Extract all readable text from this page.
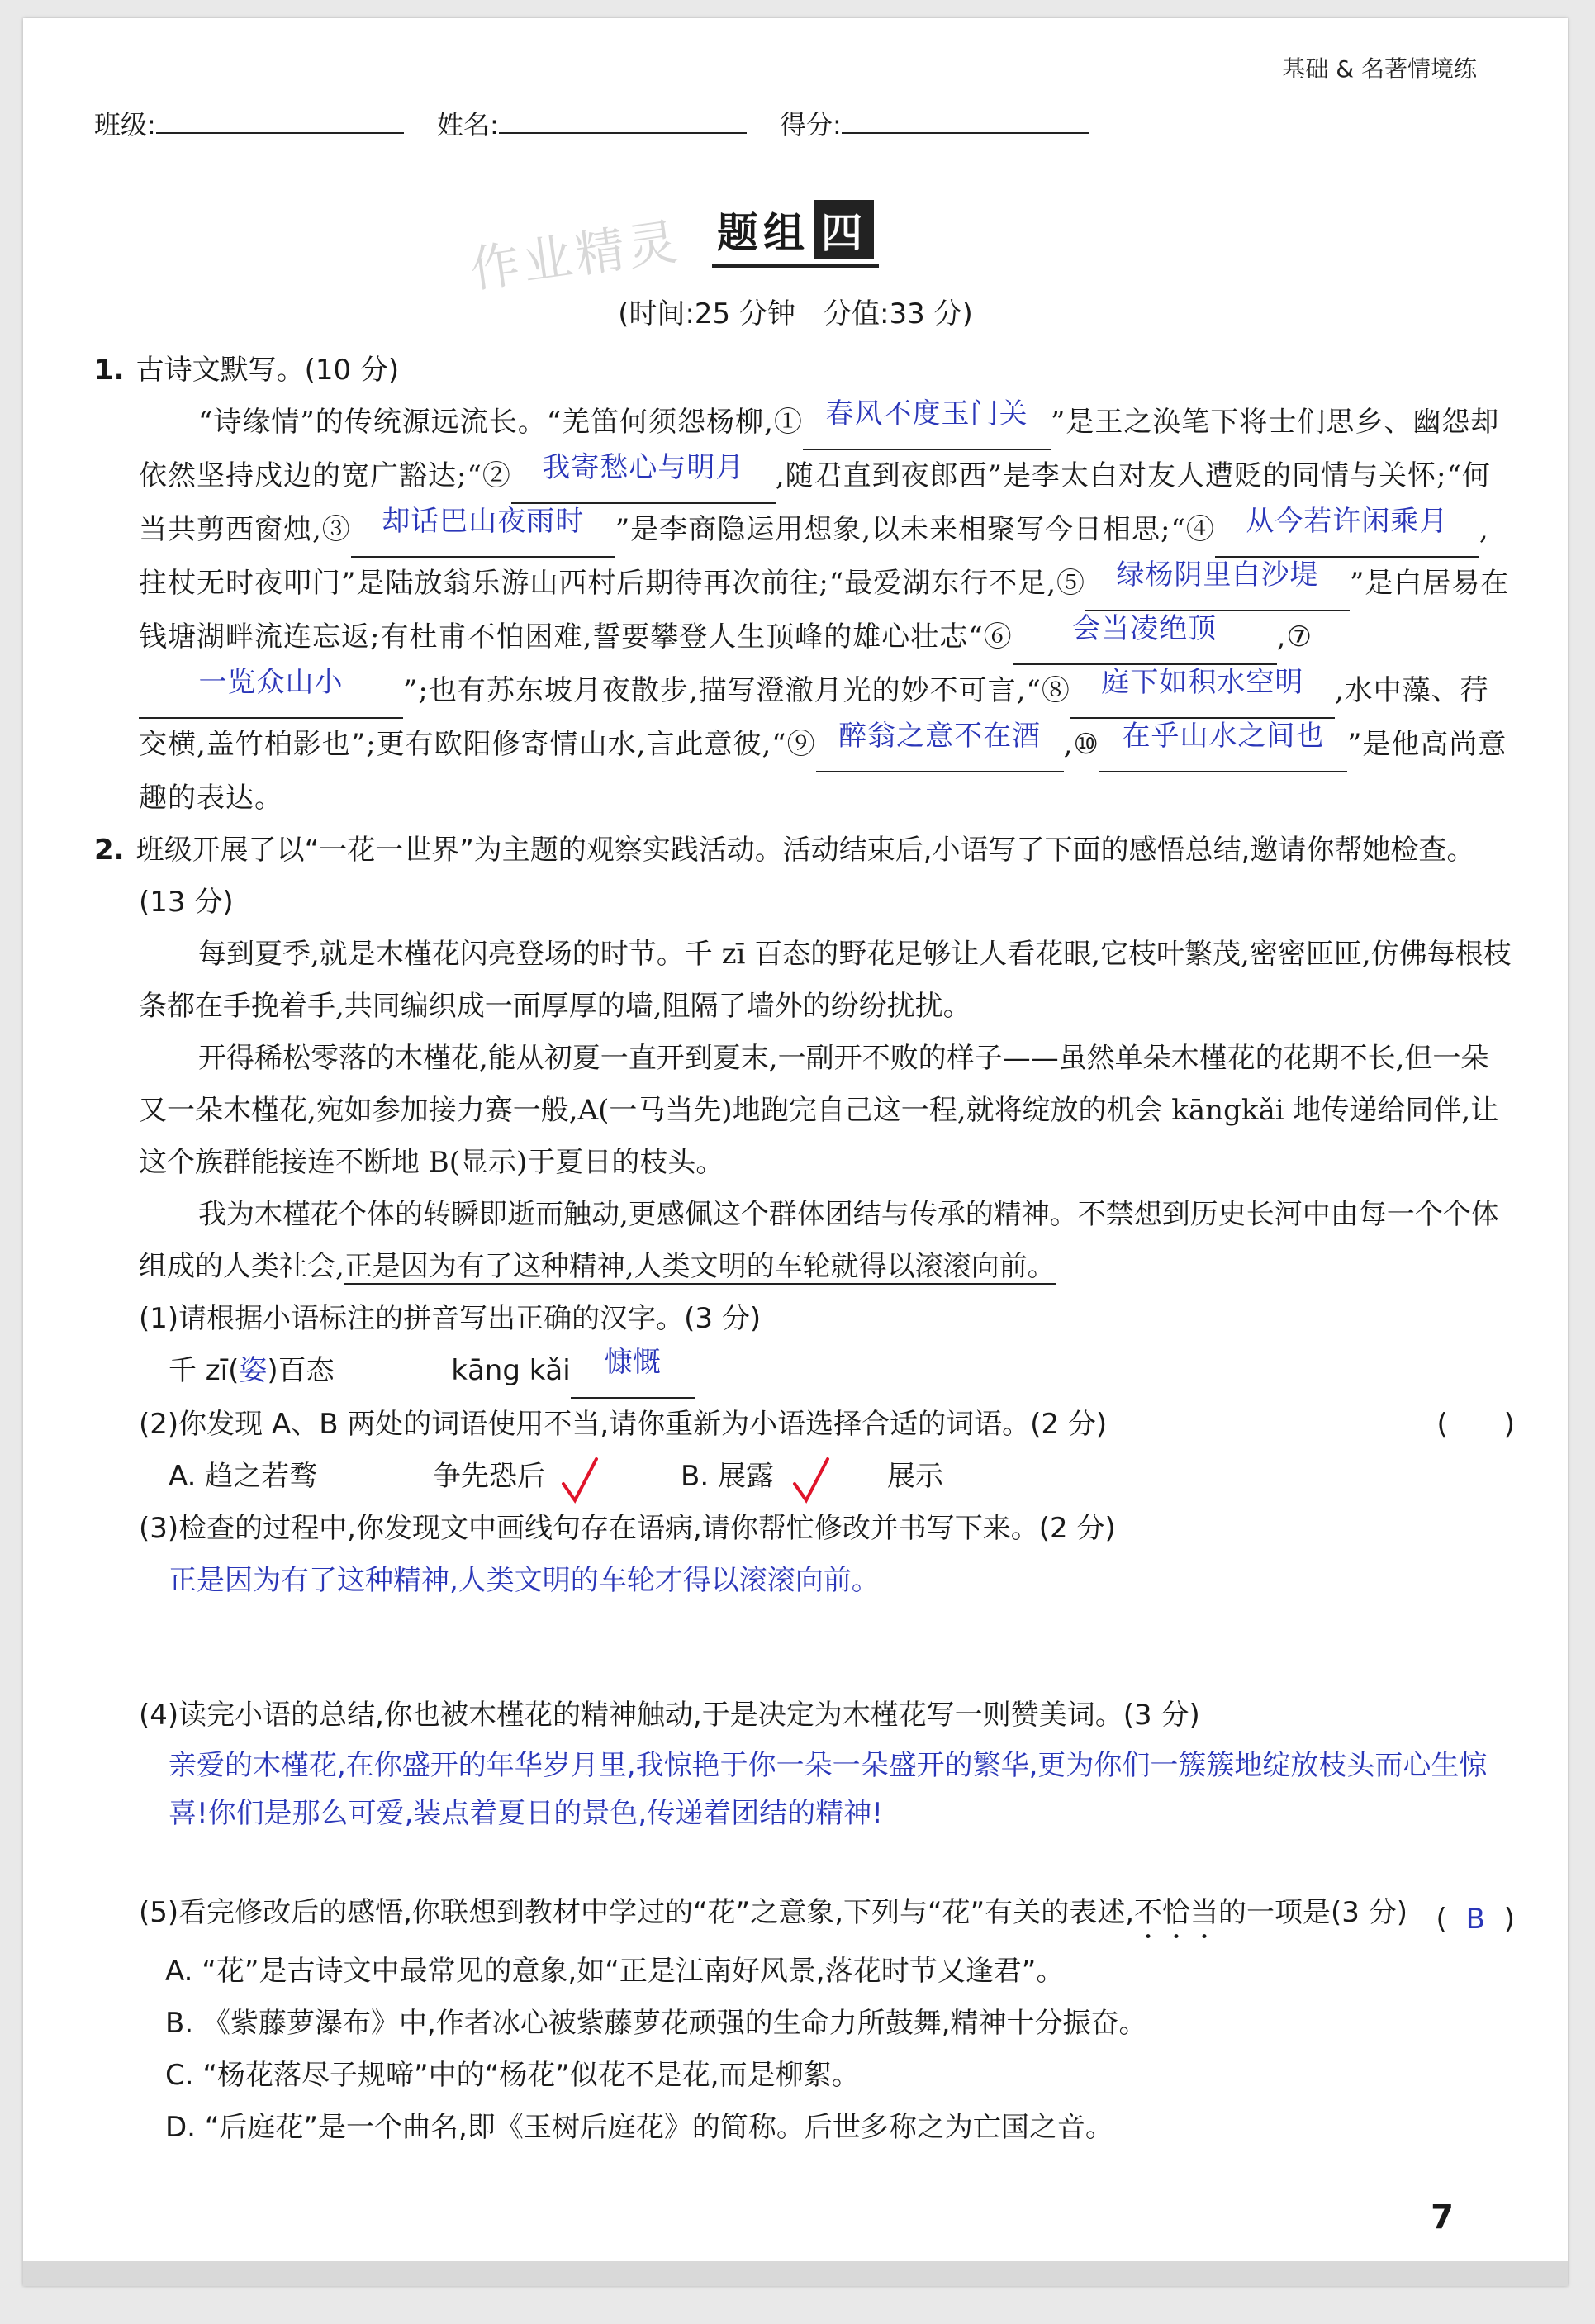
基础 & 名著情境练
班级:	姓名:	得分:
作业精灵 题组 四
(时间:25 分钟　分值:33 分)
1. 古诗文默写。(10 分)
“诗缘情”的传统源远流长。“羌笛何须怨杨柳,① 春风不度玉门关 ”是王之涣笔下将士们思乡、幽怨却依然坚持戍边的宽广豁达;“② 我寄愁心与明月 ,随君直到夜郎西”是李太白对友人遭贬的同情与关怀;“何当共剪西窗烛,③ 却话巴山夜雨时 ”是李商隐运用想象,以未来相聚写今日相思;“④ 从今若许闲乘月 ,拄杖无时夜叩门”是陆放翁乐游山西村后期待再次前往;“最爱湖东行不足,⑤ 绿杨阴里白沙堤 ”是白居易在钱塘湖畔流连忘返;有杜甫不怕困难,誓要攀登人生顶峰的雄心壮志“⑥ 会当凌绝顶 ,⑦一览众山小 ”;也有苏东坡月夜散步,描写澄澈月光的妙不可言,“⑧ 庭下如积水空明 ,水中藻、荇交横,盖竹柏影也”;更有欧阳修寄情山水,言此意彼,“⑨ 醉翁之意不在酒 ,⑩ 在乎山水之间也 ”是他高尚意趣的表达。
2. 班级开展了以“一花一世界”为主题的观察实践活动。活动结束后,小语写了下面的感悟总结,邀请你帮她检查。(13 分)
每到夏季,就是木槿花闪亮登场的时节。千 zī 百态的野花足够让人看花眼,它枝叶繁茂,密密匝匝,仿佛每根枝条都在手挽着手,共同编织成一面厚厚的墙,阻隔了墙外的纷纷扰扰。
开得稀松零落的木槿花,能从初夏一直开到夏末,一副开不败的样子——虽然单朵木槿花的花期不长,但一朵又一朵木槿花,宛如参加接力赛一般,A(一马当先)地跑完自己这一程,就将绽放的机会 kāngkǎi 地传递给同伴,让这个族群能接连不断地 B(显示)于夏日的枝头。
我为木槿花个体的转瞬即逝而触动,更感佩这个群体团结与传承的精神。不禁想到历史长河中由每一个个体组成的人类社会,正是因为有了这种精神,人类文明的车轮就得以滚滚向前。
(1)请根据小语标注的拼音写出正确的汉字。(3 分)
千 zī(姿)百态	kāng kǎi 慷慨
(2)你发现 A、B 两处的词语使用不当,请你重新为小语选择合适的词语。(2 分)	(　　)
A. 趋之若骛	争先恐后	B. 展露	展示
(3)检查的过程中,你发现文中画线句存在语病,请你帮忙修改并书写下来。(2 分)
正是因为有了这种精神,人类文明的车轮才得以滚滚向前。
(4)读完小语的总结,你也被木槿花的精神触动,于是决定为木槿花写一则赞美词。(3 分)
亲爱的木槿花,在你盛开的年华岁月里,我惊艳于你一朵一朵盛开的繁华,更为你们一簇簇地绽放枝头而心生惊喜!你们是那么可爱,装点着夏日的景色,传递着团结的精神!
(5)看完修改后的感悟,你联想到教材中学过的“花”之意象,下列与“花”有关的表述,不恰当的一项是(3 分)	( B )
A. “花”是古诗文中最常见的意象,如“正是江南好风景,落花时节又逢君”。
B. 《紫藤萝瀑布》中,作者冰心被紫藤萝花顽强的生命力所鼓舞,精神十分振奋。
C. “杨花落尽子规啼”中的“杨花”似花不是花,而是柳絮。
D. “后庭花”是一个曲名,即《玉树后庭花》的简称。后世多称之为亡国之音。
7
